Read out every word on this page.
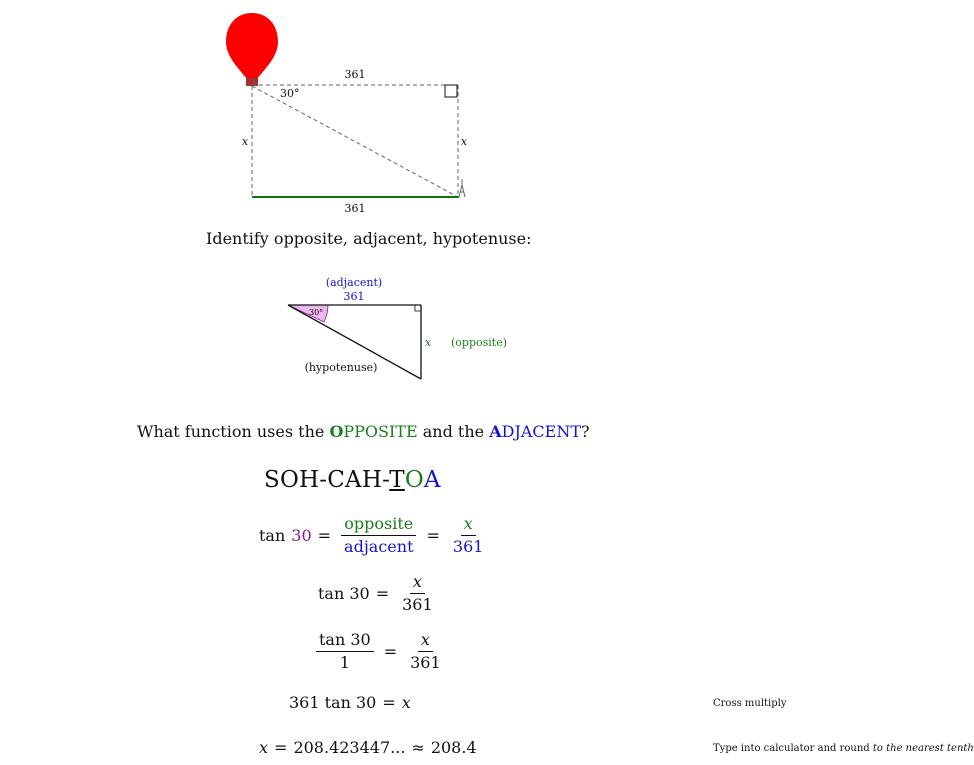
361
361
x	x
30°
Identify opposite, adjacent, hypotenuse:
30°
(adjacent)
361
x (opposite)
(hypotenuse)
What function uses the OPPOSITE and the ADJACENT?
SOH-CAH-TOA
$\tan 30 = \frac{\text{opposite}}{\text{adjacent}} = \frac{x}{361}$
$\tan 30 = \frac{x}{361}$
$\frac{\tan 30}{1} = \frac{x}{361}$
361 tan 30 = x	Cross multiply
x = 208.423447... ≈ 208.4	Type into calculator and round to the nearest tenth
